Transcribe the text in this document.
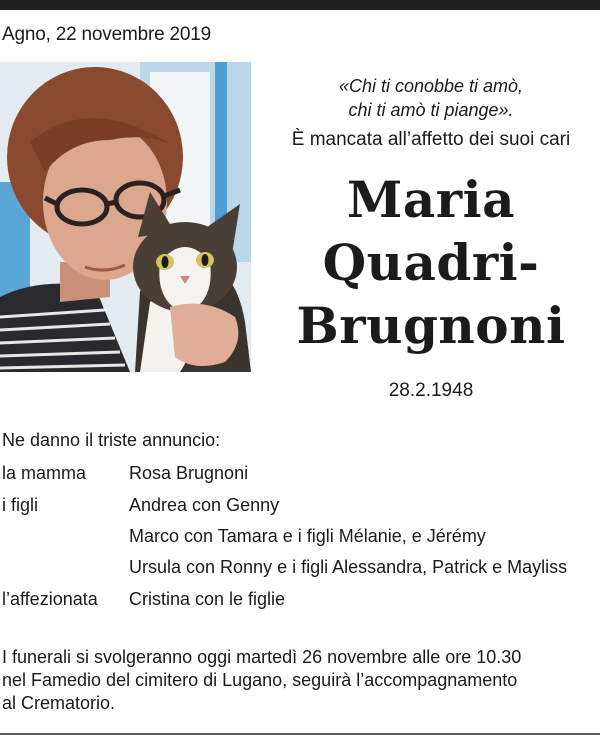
Agno, 22 novembre 2019
«Chi ti conobbe ti amò,
chi ti amò ti piange».
È mancata all’affetto dei suoi cari
Maria
Quadri-
Brugnoni
28.2.1948
Ne danno il triste annuncio:
la mamma	Rosa Brugnoni
i figli	Andrea con Genny
Marco con Tamara e i figli Mélanie, e Jérémy
Ursula con Ronny e i figli Alessandra, Patrick e Mayliss
l’affezionata	Cristina con le figlie
I funerali si svolgeranno oggi martedì 26 novembre alle ore 10.30
nel Famedio del cimitero di Lugano, seguirà l’accompagnamento
al Crematorio.
